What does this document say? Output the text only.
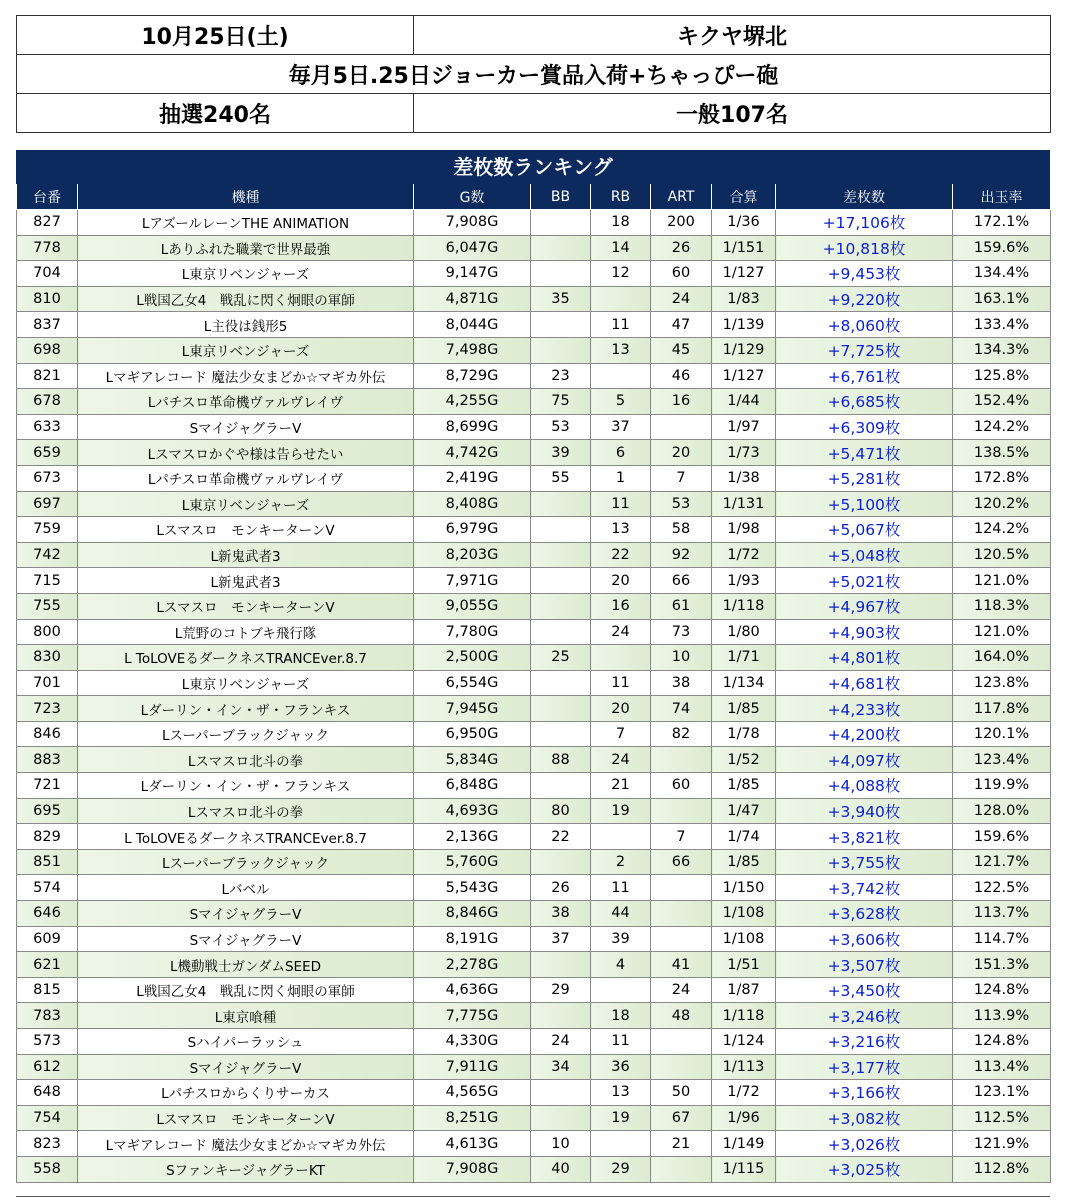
10月25日(土)	キクヤ堺北
毎月5日.25日ジョーカー賞品入荷+ちゃっぴー砲	
抽選240名	一般107名
差枚数ランキング
台番	機種	G数	BB	RB	ART	合算	差枚数	出玉率
827	LアズールレーンTHE ANIMATION	7,908G		18	200	1/36	+17,106枚	172.1%
778	Lありふれた職業で世界最強	6,047G		14	26	1/151	+10,818枚	159.6%
704	L東京リベンジャーズ	9,147G		12	60	1/127	+9,453枚	134.4%
810	L戦国乙女4　戦乱に閃く炯眼の軍師	4,871G	35		24	1/83	+9,220枚	163.1%
837	L主役は銭形5	8,044G		11	47	1/139	+8,060枚	133.4%
698	L東京リベンジャーズ	7,498G		13	45	1/129	+7,725枚	134.3%
821	Lマギアレコード 魔法少女まどか☆マギカ外伝	8,729G	23		46	1/127	+6,761枚	125.8%
678	Lパチスロ革命機ヴァルヴレイヴ	4,255G	75	5	16	1/44	+6,685枚	152.4%
633	SマイジャグラーV	8,699G	53	37		1/97	+6,309枚	124.2%
659	Lスマスロかぐや様は告らせたい	4,742G	39	6	20	1/73	+5,471枚	138.5%
673	Lパチスロ革命機ヴァルヴレイヴ	2,419G	55	1	7	1/38	+5,281枚	172.8%
697	L東京リベンジャーズ	8,408G		11	53	1/131	+5,100枚	120.2%
759	Lスマスロ　モンキーターンV	6,979G		13	58	1/98	+5,067枚	124.2%
742	L新鬼武者3	8,203G		22	92	1/72	+5,048枚	120.5%
715	L新鬼武者3	7,971G		20	66	1/93	+5,021枚	121.0%
755	Lスマスロ　モンキーターンV	9,055G		16	61	1/118	+4,967枚	118.3%
800	L荒野のコトブキ飛行隊	7,780G		24	73	1/80	+4,903枚	121.0%
830	L ToLOVEるダークネスTRANCEver.8.7	2,500G	25		10	1/71	+4,801枚	164.0%
701	L東京リベンジャーズ	6,554G		11	38	1/134	+4,681枚	123.8%
723	Lダーリン・イン・ザ・フランキス	7,945G		20	74	1/85	+4,233枚	117.8%
846	Lスーパーブラックジャック	6,950G		7	82	1/78	+4,200枚	120.1%
883	Lスマスロ北斗の拳	5,834G	88	24		1/52	+4,097枚	123.4%
721	Lダーリン・イン・ザ・フランキス	6,848G		21	60	1/85	+4,088枚	119.9%
695	Lスマスロ北斗の拳	4,693G	80	19		1/47	+3,940枚	128.0%
829	L ToLOVEるダークネスTRANCEver.8.7	2,136G	22		7	1/74	+3,821枚	159.6%
851	Lスーパーブラックジャック	5,760G		2	66	1/85	+3,755枚	121.7%
574	Lバベル	5,543G	26	11		1/150	+3,742枚	122.5%
646	SマイジャグラーV	8,846G	38	44		1/108	+3,628枚	113.7%
609	SマイジャグラーV	8,191G	37	39		1/108	+3,606枚	114.7%
621	L機動戦士ガンダムSEED	2,278G		4	41	1/51	+3,507枚	151.3%
815	L戦国乙女4　戦乱に閃く炯眼の軍師	4,636G	29		24	1/87	+3,450枚	124.8%
783	L東京喰種	7,775G		18	48	1/118	+3,246枚	113.9%
573	Sハイパーラッシュ	4,330G	24	11		1/124	+3,216枚	124.8%
612	SマイジャグラーV	7,911G	34	36		1/113	+3,177枚	113.4%
648	Lパチスロからくりサーカス	4,565G		13	50	1/72	+3,166枚	123.1%
754	Lスマスロ　モンキーターンV	8,251G		19	67	1/96	+3,082枚	112.5%
823	Lマギアレコード 魔法少女まどか☆マギカ外伝	4,613G	10		21	1/149	+3,026枚	121.9%
558	SファンキージャグラーKT	7,908G	40	29		1/115	+3,025枚	112.8%
